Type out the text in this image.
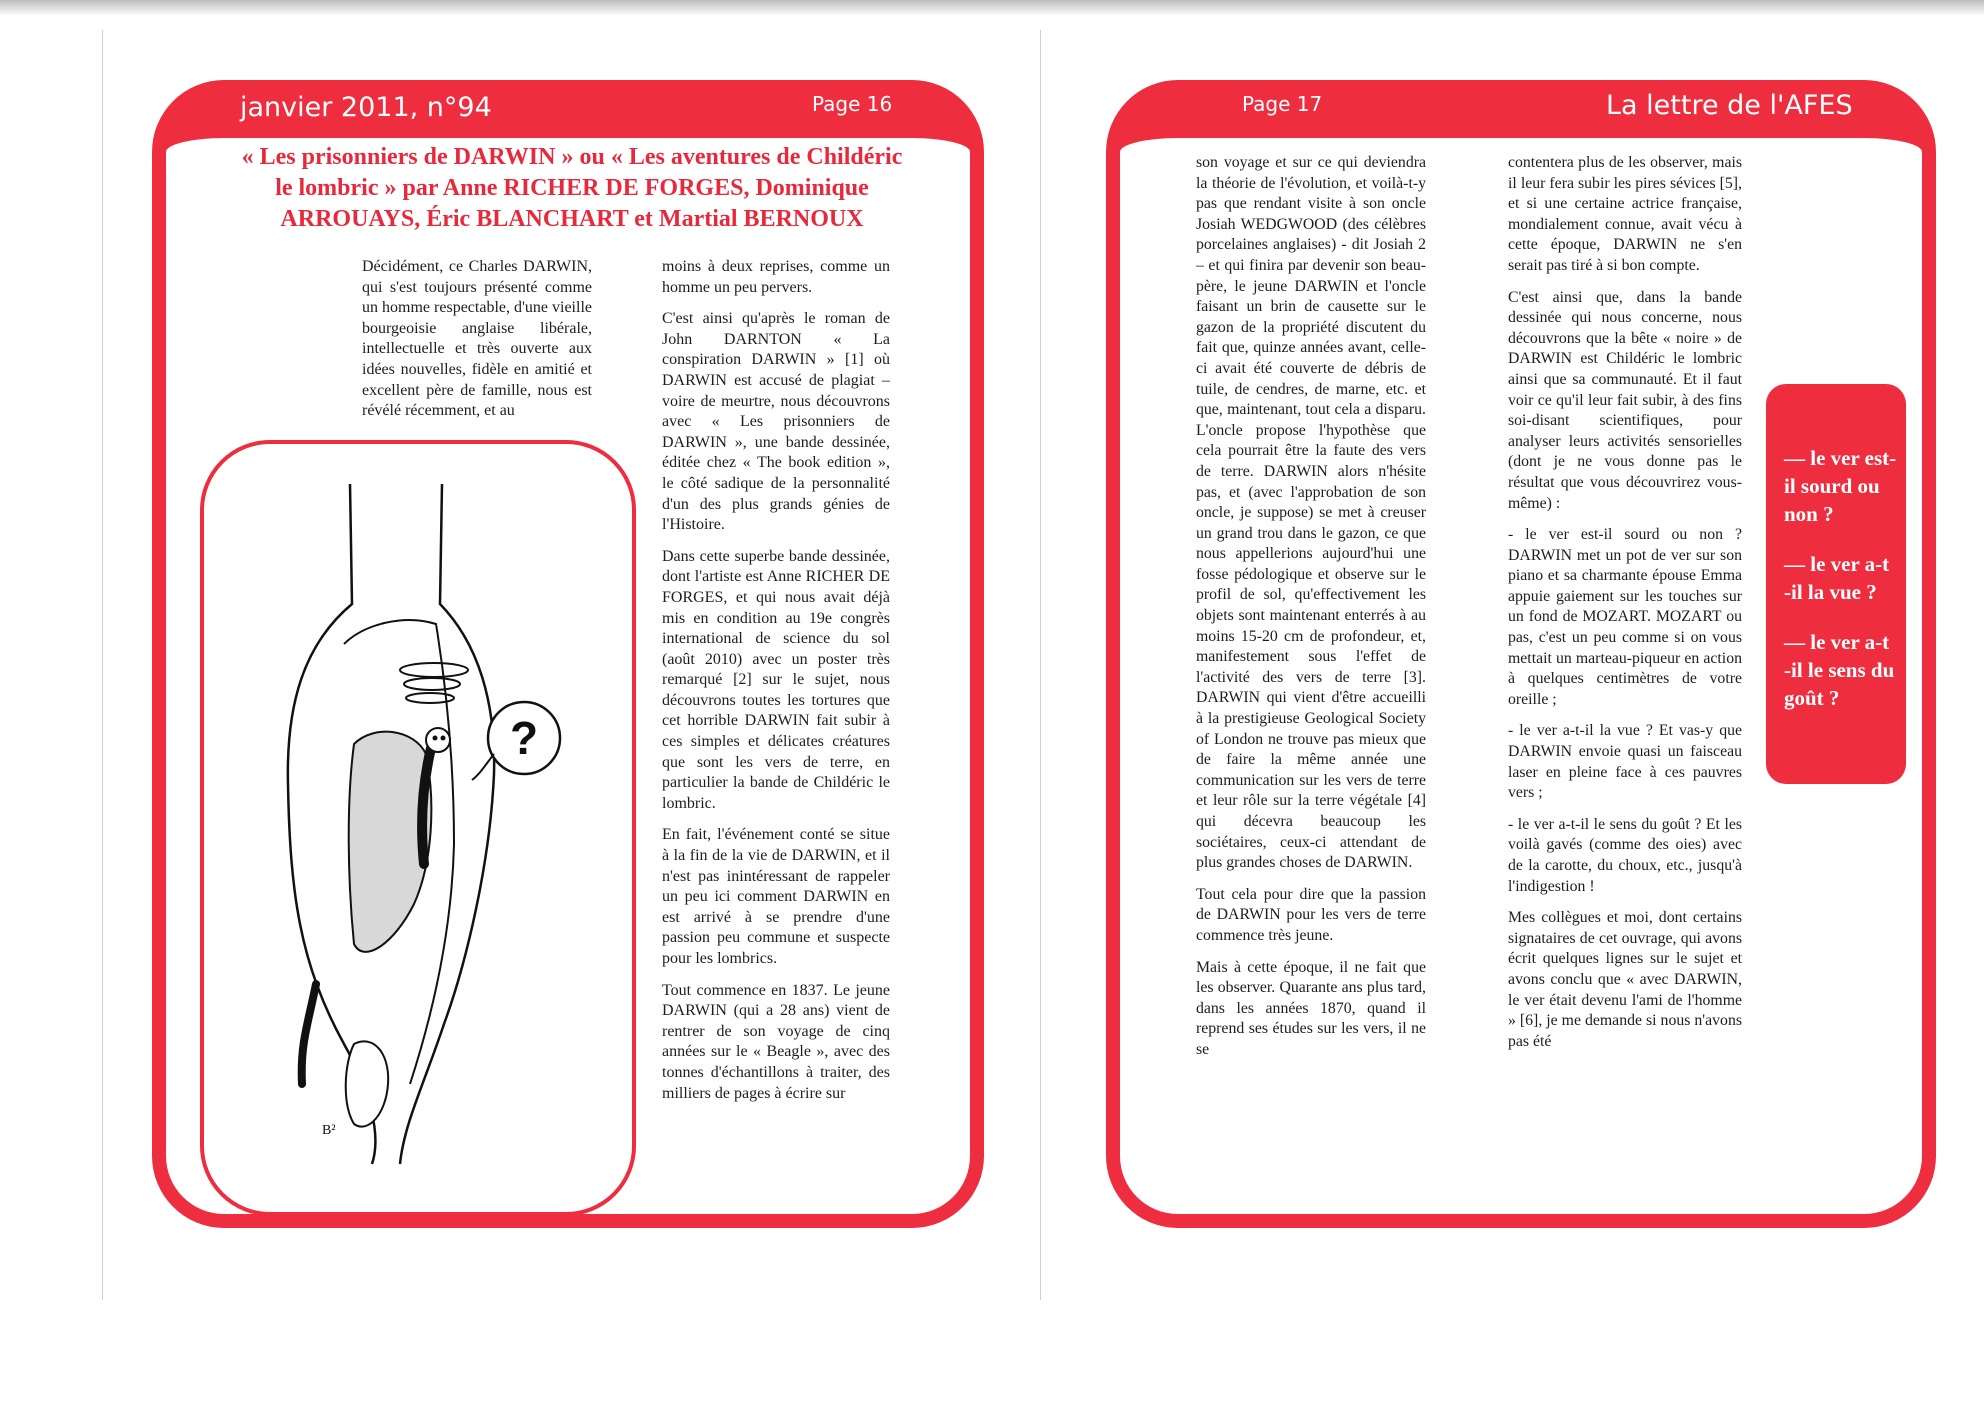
janvier 2011, n°94	Page 16
« Les prisonniers de DARWIN » ou « Les aventures de Childéric le lombric » par Anne RICHER DE FORGES, Dominique ARROUAYS, Éric BLANCHART et Martial BERNOUX

Décidément, ce Charles DARWIN, qui s'est toujours présenté comme un homme respectable, d'une vieille bourgeoisie anglaise libérale, intellectuelle et très ouverte aux idées nouvelles, fidèle en amitié et excellent père de famille, nous est révélé récemment, et au

?
B²

moins à deux reprises, comme un homme un peu pervers.

C'est ainsi qu'après le roman de John DARNTON « La conspiration DARWIN » [1] où DARWIN est accusé de plagiat – voire de meurtre, nous découvrons avec « Les prisonniers de DARWIN », une bande dessinée, éditée chez « The book edition », le côté sadique de la personnalité d'un des plus grands génies de l'Histoire.

Dans cette superbe bande dessinée, dont l'artiste est Anne RICHER DE FORGES, et qui nous avait déjà mis en condition au 19e congrès international de science du sol (août 2010) avec un poster très remarqué [2] sur le sujet, nous découvrons toutes les tortures que cet horrible DARWIN fait subir à ces simples et délicates créatures que sont les vers de terre, en particulier la bande de Childéric le lombric.

En fait, l'événement conté se situe à la fin de la vie de DARWIN, et il n'est pas inintéressant de rappeler un peu ici comment DARWIN en est arrivé à se prendre d'une passion peu commune et suspecte pour les lombrics.

Tout commence en 1837. Le jeune DARWIN (qui a 28 ans) vient de rentrer de son voyage de cinq années sur le « Beagle », avec des tonnes d'échantillons à traiter, des milliers de pages à écrire sur

Page 17	La lettre de l'AFES

son voyage et sur ce qui deviendra la théorie de l'évolution, et voilà-t-y pas que rendant visite à son oncle Josiah WEDGWOOD (des célèbres porcelaines anglaises) - dit Josiah 2 – et qui finira par devenir son beau-père, le jeune DARWIN et l'oncle faisant un brin de causette sur le gazon de la propriété discutent du fait que, quinze années avant, celle-ci avait été couverte de débris de tuile, de cendres, de marne, etc. et que, maintenant, tout cela a disparu. L'oncle propose l'hypothèse que cela pourrait être la faute des vers de terre. DARWIN alors n'hésite pas, et (avec l'approbation de son oncle, je suppose) se met à creuser un grand trou dans le gazon, ce que nous appellerions aujourd'hui une fosse pédologique et observe sur le profil de sol, qu'effectivement les objets sont maintenant enterrés à au moins 15-20 cm de profondeur, et, manifestement sous l'effet de l'activité des vers de terre [3]. DARWIN qui vient d'être accueilli à la prestigieuse Geological Society of London ne trouve pas mieux que de faire la même année une communication sur les vers de terre et leur rôle sur la terre végétale [4] qui décevra beaucoup les sociétaires, ceux-ci attendant de plus grandes choses de DARWIN.

Tout cela pour dire que la passion de DARWIN pour les vers de terre commence très jeune.

Mais à cette époque, il ne fait que les observer. Quarante ans plus tard, dans les années 1870, quand il reprend ses études sur les vers, il ne se

contentera plus de les observer, mais il leur fera subir les pires sévices [5], et si une certaine actrice française, mondialement connue, avait vécu à cette époque, DARWIN ne s'en serait pas tiré à si bon compte.

C'est ainsi que, dans la bande dessinée qui nous concerne, nous découvrons que la bête « noire » de DARWIN est Childéric le lombric ainsi que sa communauté. Et il faut voir ce qu'il leur fait subir, à des fins soi-disant scientifiques, pour analyser leurs activités sensorielles (dont je ne vous donne pas le résultat que vous découvrirez vous-même) :

- le ver est-il sourd ou non ? DARWIN met un pot de ver sur son piano et sa charmante épouse Emma appuie gaiement sur les touches sur un fond de MOZART. MOZART ou pas, c'est un peu comme si on vous mettait un marteau-piqueur en action à quelques centimètres de votre oreille ;

- le ver a-t-il la vue ? Et vas-y que DARWIN envoie quasi un faisceau laser en pleine face à ces pauvres vers ;

- le ver a-t-il le sens du goût ? Et les voilà gavés (comme des oies) avec de la carotte, du choux, etc., jusqu'à l'indigestion !

Mes collègues et moi, dont certains signataires de cet ouvrage, qui avons écrit quelques lignes sur le sujet et avons conclu que « avec DARWIN, le ver était devenu l'ami de l'homme » [6], je me demande si nous n'avons pas été

— le ver est-il sourd ou non ?

— le ver a-t -il la vue ?

— le ver a-t -il le sens du goût ?
